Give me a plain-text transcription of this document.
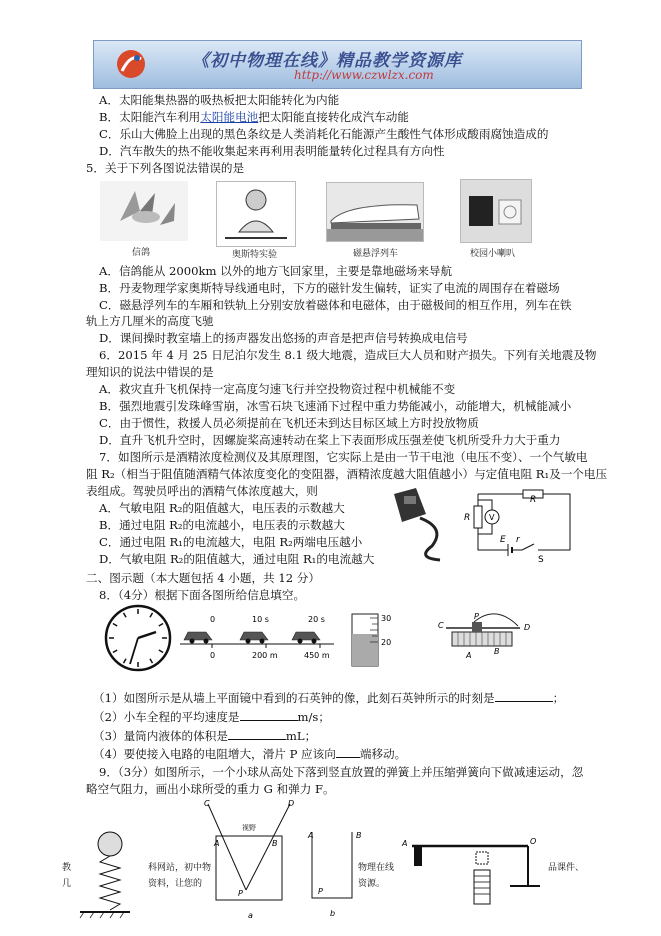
《初中物理在线》精品教学资源库
http://www.czwlzx.com
A．太阳能集热器的吸热板把太阳能转化为内能
B．太阳能汽车利用太阳能电池把太阳能直接转化成汽车动能
C．乐山大佛脸上出现的黑色条纹是人类消耗化石能源产生酸性气体形成酸雨腐蚀造成的
D．汽车散失的热不能收集起来再利用表明能量转化过程具有方向性
5．关于下列各图说法错误的是
信鸽	奥斯特实验	磁悬浮列车	校园小喇叭
A．信鸽能从 2000km 以外的地方飞回家里，主要是靠地磁场来导航
B．丹麦物理学家奥斯特导线通电时，下方的磁针发生偏转，证实了电流的周围存在着磁场
C．磁悬浮列车的车厢和铁轨上分别安放着磁体和电磁体，由于磁极间的相互作用，列车在铁
轨上方几厘米的高度飞驰
D．课间操时教室墙上的扬声器发出悠扬的声音是把声信号转换成电信号
6．2015 年 4 月 25 日尼泊尔发生 8.1 级大地震，造成巨大人员和财产损失。下列有关地震及物
理知识的说法中错误的是
A．救灾直升飞机保持一定高度匀速飞行并空投物资过程中机械能不变
B．强烈地震引发珠峰雪崩，冰雪石块飞速涌下过程中重力势能减小，动能增大，机械能减小
C．由于惯性，救援人员必须提前在飞机还未到达目标区域上方时投放物质
D．直升飞机升空时，因螺旋桨高速转动在桨上下表面形成压强差使飞机所受升力大于重力
7．如图所示是酒精浓度检测仪及其原理图，它实际上是由一节干电池（电压不变）、一个气敏电
阻 R₂（相当于阻值随酒精气体浓度变化的变阻器，酒精浓度越大阻值越小）与定值电阻 R₁及一个电压
表组成。驾驶员呼出的酒精气体浓度越大，则
A．气敏电阻 R₂的阻值越大，电压表的示数越大
B．通过电阻 R₂的电流越小，电压表的示数越大
C．通过电阻 R₁的电流越大，电阻 R₂两端电压越小
D．气敏电阻 R₂的阻值越大，通过电阻 R₁的电流越大
R
V
R
E r
S
二、图示题（本大题包括 4 小题，共 12 分）
8．（4分）根据下面各图所给信息填空。
0	10 s	20 s
0	200 m	450 m
30
20
P
C	D
A	B
（1）如图所示是从墙上平面镜中看到的石英钟的像，此刻石英钟所示的时刻是	；
（2）小车全程的平均速度是	m/s；
（3）量筒内液体的体积是	mL；
（4）要使接入电路的电阻增大，滑片 P 应该向 端移动。
9．（3分）如图所示，一个小球从高处下落到竖直放置的弹簧上并压缩弹簧向下做减速运动，忽
略空气阻力，画出小球所受的重力 G 和弹力 F。
教
几
科网站，初中物
资料，让您的
C	D
视野
A	B
P
a
A	B
P
b
物理在线
资源。
A	O
品课件、
